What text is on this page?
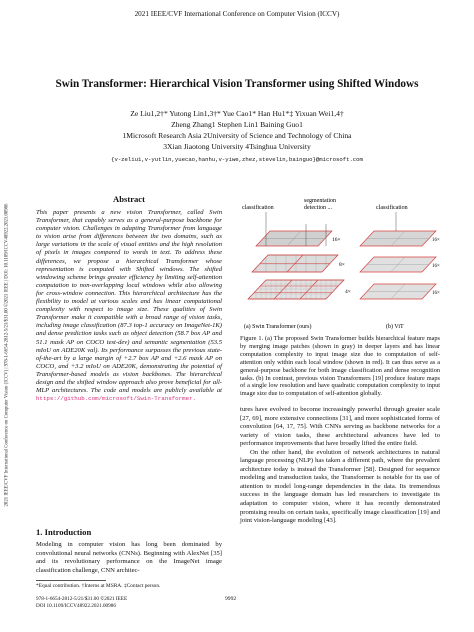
2021 IEEE/CVF International Conference on Computer Vision (ICCV)
2021 IEEE/CVF International Conference on Computer Vision (ICCV) | 978-1-6654-2812-5/21/$31.00 ©2021 IEEE | DOI: 10.1109/ICCV48922.2021.00986
Swin Transformer: Hierarchical Vision Transformer using Shifted Windows
Ze Liu1,2†* Yutong Lin1,3†* Yue Cao1* Han Hu1*‡ Yixuan Wei1,4†
Zheng Zhang1 Stephen Lin1 Baining Guo1
1Microsoft Research Asia 2University of Science and Technology of China
3Xian Jiaotong University 4Tsinghua University
{v-zeliu1,v-yutlin,yuecao,hanhu,v-yiwe,zhez,stevelin,bainguo}@microsoft.com
Abstract
This paper presents a new vision Transformer, called Swin Transformer, that capably serves as a general-purpose backbone for computer vision. Challenges in adapting Transformer from language to vision arise from differences between the two domains, such as large variations in the scale of visual entities and the high resolution of pixels in images compared to words in text. To address these differences, we propose a hierarchical Transformer whose representation is computed with Shifted windows. The shifted windowing scheme brings greater efficiency by limiting self-attention computation to non-overlapping local windows while also allowing for cross-window connection. This hierarchical architecture has the flexibility to model at various scales and has linear computational complexity with respect to image size. These qualities of Swin Transformer make it compatible with a broad range of vision tasks, including image classification (87.3 top-1 accuracy on ImageNet-1K) and dense prediction tasks such as object detection (58.7 box AP and 51.1 mask AP on COCO test-dev) and semantic segmentation (53.5 mIoU on ADE20K val). Its performance surpasses the previous state-of-the-art by a large margin of +2.7 box AP and +2.6 mask AP on COCO, and +3.2 mIoU on ADE20K, demonstrating the potential of Transformer-based models as vision backbones. The hierarchical design and the shifted window approach also prove beneficial for all-MLP architectures. The code and models are publicly available at https://github.com/microsoft/Swin-Transformer.
1. Introduction
Modeling in computer vision has long been dominated by convolutional neural networks (CNNs). Beginning with AlexNet [35] and its revolutionary performance on the ImageNet image classification challenge, CNN architec-
*Equal contribution. †Interns at MSRA. ‡Contact person.
978-1-6654-2812-5/21/$31.00 ©2021 IEEE
DOI 10.1109/ICCV48922.2021.00986
9992
classification
segmentation
detection ...
16×
8×
4×
(a) Swin Transformer (ours)
classification
16×
16×
16×
(b) ViT
Figure 1. (a) The proposed Swin Transformer builds hierarchical feature maps by merging image patches (shown in gray) in deeper layers and has linear computation complexity to input image size due to computation of self-attention only within each local window (shown in red). It can thus serve as a general-purpose backbone for both image classification and dense recognition tasks. (b) In contrast, previous vision Transformers [19] produce feature maps of a single low resolution and have quadratic computation complexity to input image size due to computation of self-attention globally.
tures have evolved to become increasingly powerful through greater scale [27, 69], more extensive connections [31], and more sophisticated forms of convolution [64, 17, 75]. With CNNs serving as backbone networks for a variety of vision tasks, these architectural advances have led to performance improvements that have broadly lifted the entire field.
On the other hand, the evolution of network architectures in natural language processing (NLP) has taken a different path, where the prevalent architecture today is instead the Transformer [58]. Designed for sequence modeling and transduction tasks, the Transformer is notable for its use of attention to model long-range dependencies in the data. Its tremendous success in the language domain has led researchers to investigate its adaptation to computer vision, where it has recently demonstrated promising results on certain tasks, specifically image classification [19] and joint vision-language modeling [43].
